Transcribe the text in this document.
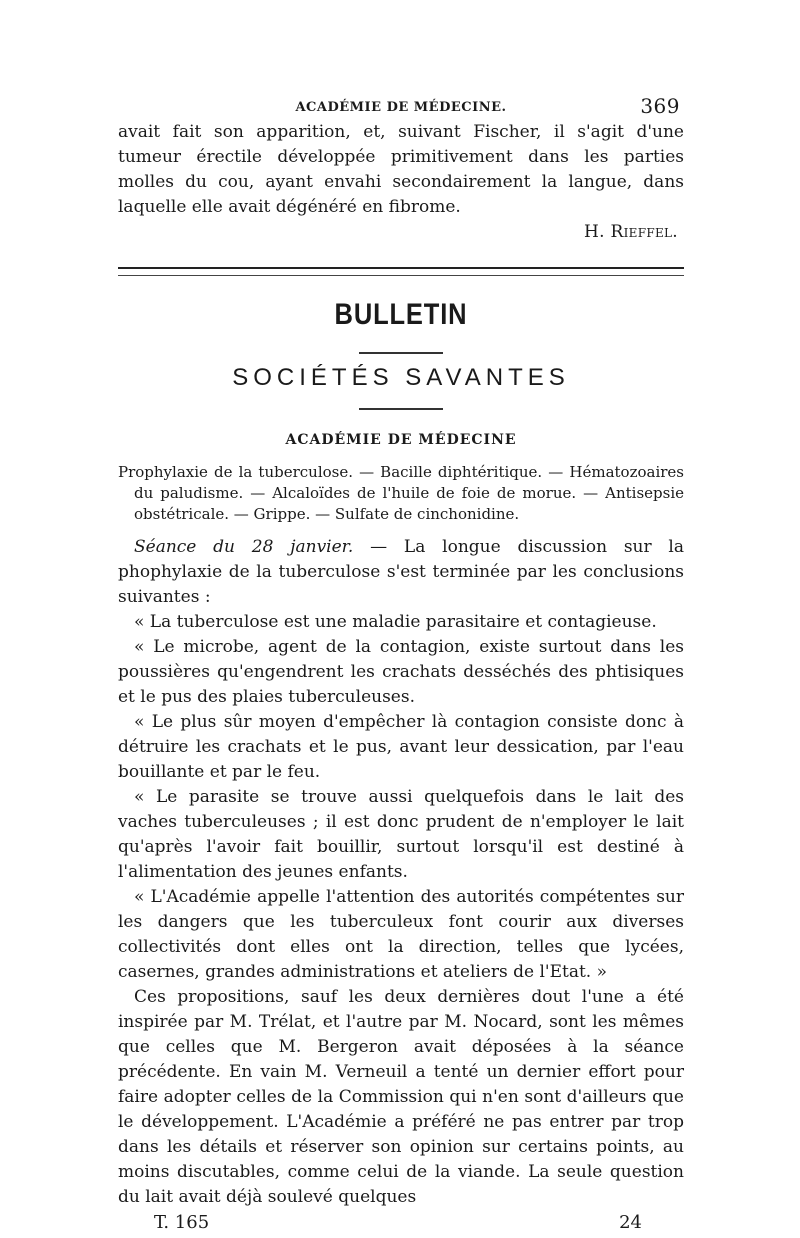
ACADÉMIE DE MÉDECINE.	369

avait fait son apparition, et, suivant Fischer, il s'agit d'une tumeur érectile développée primitivement dans les parties molles du cou, ayant envahi secondairement la langue, dans laquelle elle avait dégénéré en fibrome.

H. Rieffel.
BULLETIN
SOCIÉTÉS SAVANTES
ACADÉMIE DE MÉDECINE

Prophylaxie de la tuberculose. — Bacille diphtéritique. — Hématozoaires du paludisme. — Alcaloïdes de l'huile de foie de morue. — Antisepsie obstétricale. — Grippe. — Sulfate de cinchonidine.

Séance du 28 janvier. — La longue discussion sur la phophylaxie de la tuberculose s'est terminée par les conclusions suivantes :

« La tuberculose est une maladie parasitaire et contagieuse.

« Le microbe, agent de la contagion, existe surtout dans les poussières qu'engendrent les crachats desséchés des phtisiques et le pus des plaies tuberculeuses.

« Le plus sûr moyen d'empêcher là contagion consiste donc à détruire les crachats et le pus, avant leur dessication, par l'eau bouillante et par le feu.

« Le parasite se trouve aussi quelquefois dans le lait des vaches tuberculeuses ; il est donc prudent de n'employer le lait qu'après l'avoir fait bouillir, surtout lorsqu'il est destiné à l'alimentation des jeunes enfants.

« L'Académie appelle l'attention des autorités compétentes sur les dangers que les tuberculeux font courir aux diverses collectivités dont elles ont la direction, telles que lycées, casernes, grandes administrations et ateliers de l'Etat. »

Ces propositions, sauf les deux dernières dout l'une a été inspirée par M. Trélat, et l'autre par M. Nocard, sont les mêmes que celles que M. Bergeron avait déposées à la séance précédente. En vain M. Verneuil a tenté un dernier effort pour faire adopter celles de la Commission qui n'en sont d'ailleurs que le développement. L'Académie a préféré ne pas entrer par trop dans les détails et réserver son opinion sur certains points, au moins discutables, comme celui de la viande. La seule question du lait avait déjà soulevé quelques

T. 165	24
